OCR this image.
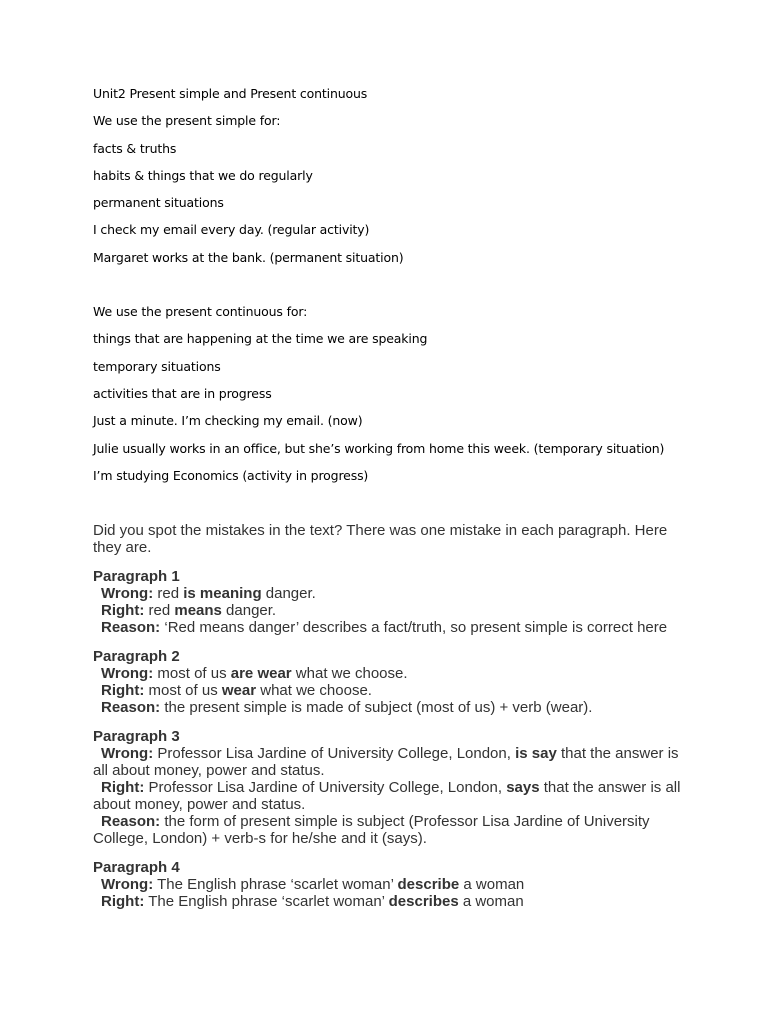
Unit2 Present simple and Present continuous
We use the present simple for:
facts & truths
habits & things that we do regularly
permanent situations
I check my email every day. (regular activity)
Margaret works at the bank. (permanent situation)
We use the present continuous for:
things that are happening at the time we are speaking
temporary situations
activities that are in progress
Just a minute. I’m checking my email. (now)
Julie usually works in an office, but she’s working from home this week. (temporary situation)
I’m studying Economics (activity in progress)
Did you spot the mistakes in the text? There was one mistake in each paragraph. Here they are.
Paragraph 1
Wrong: red is meaning danger.
Right: red means danger.
Reason: ‘Red means danger’ describes a fact/truth, so present simple is correct here
Paragraph 2
Wrong: most of us are wear what we choose.
Right: most of us wear what we choose.
Reason: the present simple is made of subject (most of us) + verb (wear).
Paragraph 3
Wrong: Professor Lisa Jardine of University College, London, is say that the answer is all about money, power and status.
Right: Professor Lisa Jardine of University College, London, says that the answer is all about money, power and status.
Reason: the form of present simple is subject (Professor Lisa Jardine of University College, London) + verb-s for he/she and it (says).
Paragraph 4
Wrong: The English phrase ‘scarlet woman’ describe a woman
Right: The English phrase ‘scarlet woman’ describes a woman
